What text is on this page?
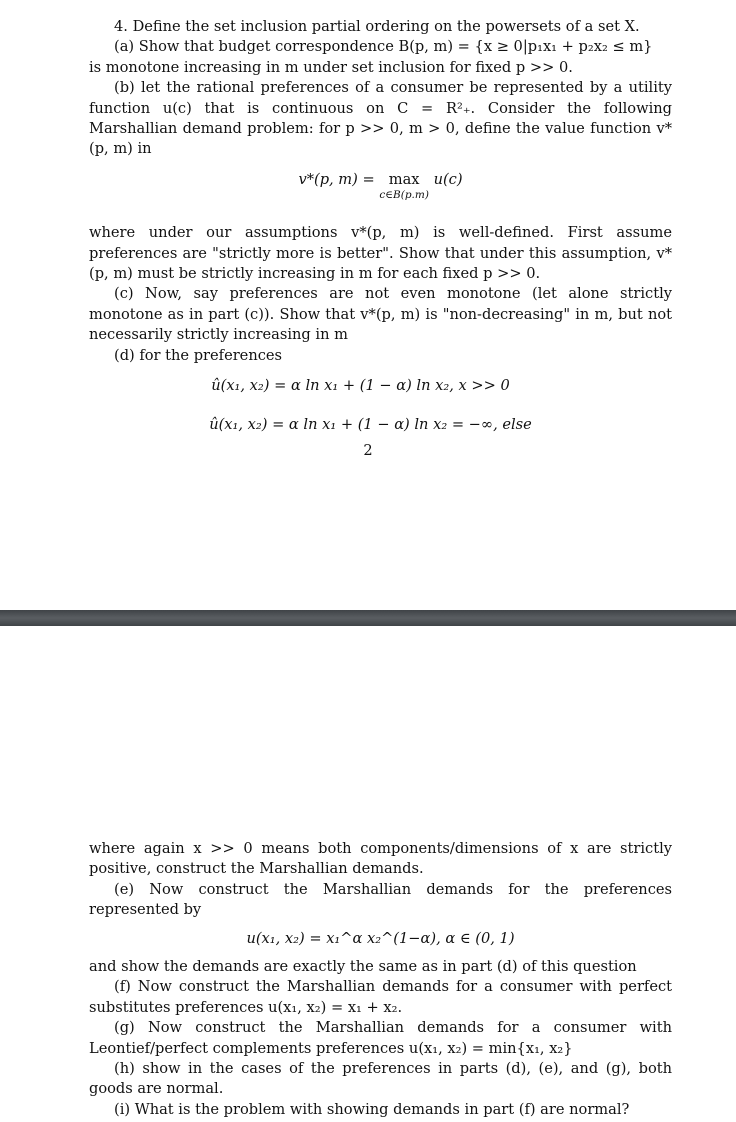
4. Define the set inclusion partial ordering on the powersets of a set X.

(a) Show that budget correspondence B(p, m) = {x ≥ 0|p₁x₁ + p₂x₂ ≤ m}

is monotone increasing in m under set inclusion for fixed p >> 0.

(b) let the rational preferences of a consumer be represented by a utility function u(c) that is continuous on C = R²₊. Consider the following Marshallian demand problem: for p >> 0, m > 0, define the value function v*(p, m) in

v*(p, m) = max
c∈B(p.m)
u(c)

where under our assumptions v*(p, m) is well-defined. First assume preferences are "strictly more is better". Show that under this assumption, v*(p, m) must be strictly increasing in m for each fixed p >> 0.

(c) Now, say preferences are not even monotone (let alone strictly monotone as in part (c)). Show that v*(p, m) is "non-decreasing" in m, but not necessarily strictly increasing in m

(d) for the preferences

û(x₁, x₂) = α ln x₁ + (1 − α) ln x₂, x >> 0

û(x₁, x₂) = α ln x₁ + (1 − α) ln x₂ = −∞, else

2

where again x >> 0 means both components/dimensions of x are strictly positive, construct the Marshallian demands.

(e) Now construct the Marshallian demands for the preferences represented by

u(x₁, x₂) = x₁^α x₂^(1−α), α ∈ (0, 1)

and show the demands are exactly the same as in part (d) of this question

(f) Now construct the Marshallian demands for a consumer with perfect substitutes preferences u(x₁, x₂) = x₁ + x₂.

(g) Now construct the Marshallian demands for a consumer with Leontief/perfect complements preferences u(x₁, x₂) = min{x₁, x₂}

(h) show in the cases of the preferences in parts (d), (e), and (g), both goods are normal.

(i) What is the problem with showing demands in part (f) are normal?
